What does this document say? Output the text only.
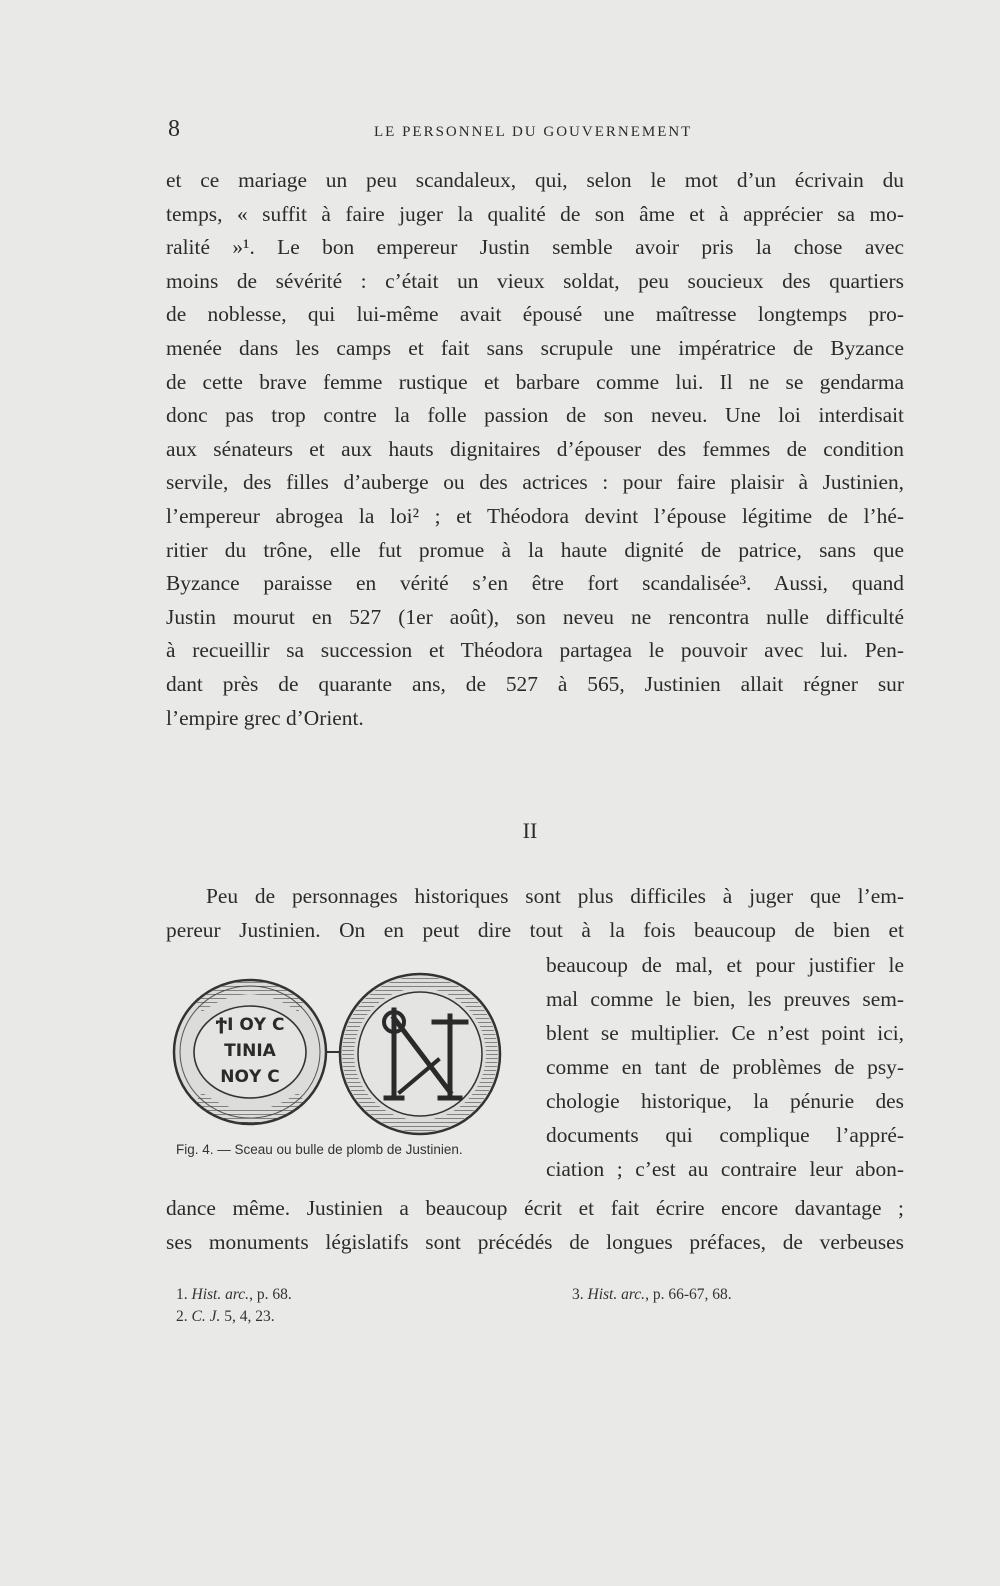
8	LE PERSONNEL DU GOUVERNEMENT
et ce mariage un peu scandaleux, qui, selon le mot d’un écrivain du
temps, « suffit à faire juger la qualité de son âme et à apprécier sa mo-
ralité »¹. Le bon empereur Justin semble avoir pris la chose avec
moins de sévérité : c’était un vieux soldat, peu soucieux des quartiers
de noblesse, qui lui-même avait épousé une maîtresse longtemps pro-
menée dans les camps et fait sans scrupule une impératrice de Byzance
de cette brave femme rustique et barbare comme lui. Il ne se gendarma
donc pas trop contre la folle passion de son neveu. Une loi interdisait
aux sénateurs et aux hauts dignitaires d’épouser des femmes de condition
servile, des filles d’auberge ou des actrices : pour faire plaisir à Justinien,
l’empereur abrogea la loi² ; et Théodora devint l’épouse légitime de l’hé-
ritier du trône, elle fut promue à la haute dignité de patrice, sans que
Byzance paraisse en vérité s’en être fort scandalisée³. Aussi, quand
Justin mourut en 527 (1er août), son neveu ne rencontra nulle difficulté
à recueillir sa succession et Théodora partagea le pouvoir avec lui. Pen-
dant près de quarante ans, de 527 à 565, Justinien allait régner sur
l’empire grec d’Orient.
II
Peu de personnages historiques sont plus difficiles à juger que l’em-
pereur Justinien. On en peut dire tout à la fois beaucoup de bien et
beaucoup de mal, et pour justifier le
mal comme le bien, les preuves sem-
blent se multiplier. Ce n’est point ici,
comme en tant de problèmes de psy-
chologie historique, la pénurie des
documents qui complique l’appré-
ciation ; c’est au contraire leur abon-
dance même. Justinien a beaucoup écrit et fait écrire encore davantage ;
ses monuments législatifs sont précédés de longues préfaces, de verbeuses
ϮΙ ΟΥ Ϲ
ΤΙΝΙΑ
ΝΟΥ Ϲ
Fig. 4. — Sceau ou bulle de plomb de Justinien.
1. Hist. arc., p. 68.
2. C. J. 5, 4, 23.
3. Hist. arc., p. 66-67, 68.
